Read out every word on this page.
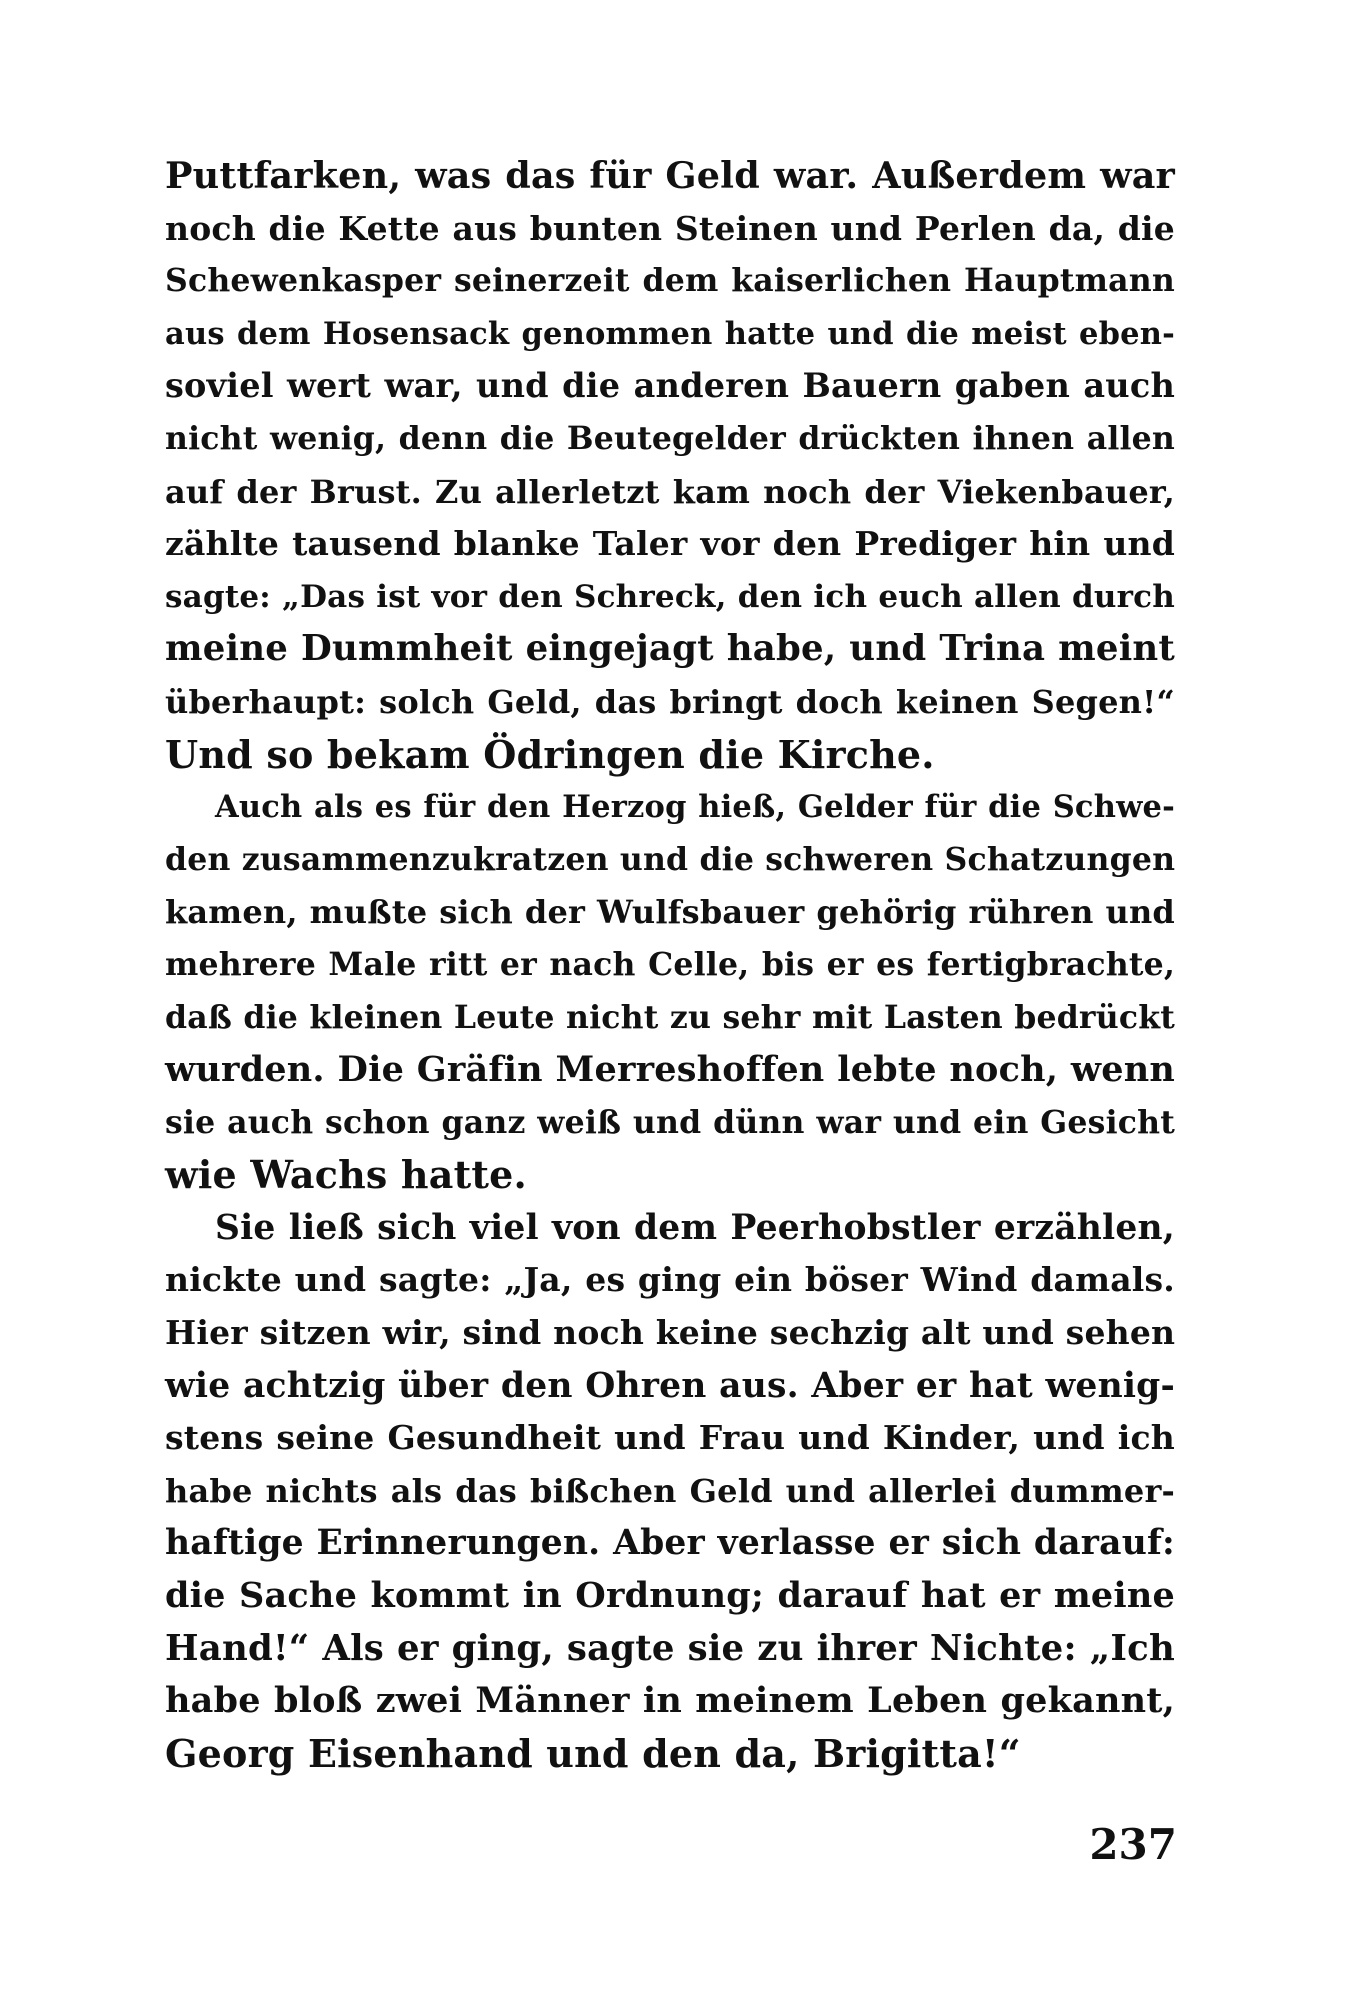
Puttfarken, was das für Geld war. Außerdem war
noch die Kette aus bunten Steinen und Perlen da, die
Schewenkasper seinerzeit dem kaiserlichen Hauptmann
aus dem Hosensack genommen hatte und die meist eben-
soviel wert war, und die anderen Bauern gaben auch
nicht wenig, denn die Beutegelder drückten ihnen allen
auf der Brust. Zu allerletzt kam noch der Viekenbauer,
zählte tausend blanke Taler vor den Prediger hin und
sagte: „Das ist vor den Schreck, den ich euch allen durch
meine Dummheit eingejagt habe, und Trina meint
überhaupt: solch Geld, das bringt doch keinen Segen!“
Und so bekam Ödringen die Kirche.
Auch als es für den Herzog hieß, Gelder für die Schwe-
den zusammenzukratzen und die schweren Schatzungen
kamen, mußte sich der Wulfsbauer gehörig rühren und
mehrere Male ritt er nach Celle, bis er es fertigbrachte,
daß die kleinen Leute nicht zu sehr mit Lasten bedrückt
wurden. Die Gräfin Merreshoffen lebte noch, wenn
sie auch schon ganz weiß und dünn war und ein Gesicht
wie Wachs hatte.
Sie ließ sich viel von dem Peerhobstler erzählen,
nickte und sagte: „Ja, es ging ein böser Wind damals.
Hier sitzen wir, sind noch keine sechzig alt und sehen
wie achtzig über den Ohren aus. Aber er hat wenig-
stens seine Gesundheit und Frau und Kinder, und ich
habe nichts als das bißchen Geld und allerlei dummer-
haftige Erinnerungen. Aber verlasse er sich darauf:
die Sache kommt in Ordnung; darauf hat er meine
Hand!“ Als er ging, sagte sie zu ihrer Nichte: „Ich
habe bloß zwei Männer in meinem Leben gekannt,
Georg Eisenhand und den da, Brigitta!“
237
